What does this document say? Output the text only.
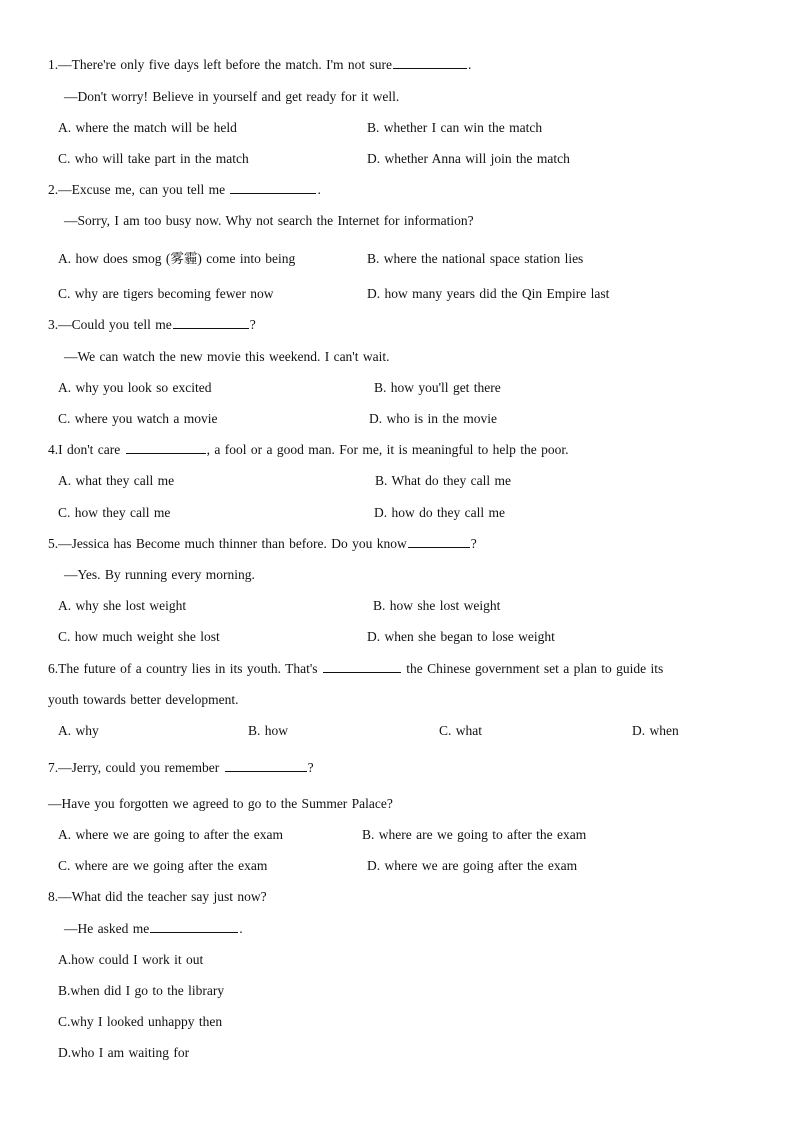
1.—There're only five days left before the match. I'm not sure	.
—Don't worry! Believe in yourself and get ready for it well.
A. where the match will be held	B. whether I can win the match
C. who will take part in the match	D. whether Anna will join the match
2.—Excuse me, can you tell me	.
—Sorry, I am too busy now. Why not search the Internet for information?
A. how does smog (雾霾) come into being	B. where the national space station lies
C. why are tigers becoming fewer now	D. how many years did the Qin Empire last
3.—Could you tell me	?
—We can watch the new movie this weekend. I can't wait.
A. why you look so excited	B. how you'll get there
C. where you watch a movie	D. who is in the movie
4.I don't care	, a fool or a good man. For me, it is meaningful to help the poor.
A. what they call me	B. What do they call me
C. how they call me	D. how do they call me
5.—Jessica has Become much thinner than before. Do you know	?
—Yes. By running every morning.
A. why she lost weight	B. how she lost weight
C. how much weight she lost	D. when she began to lose weight
6.The future of a country lies in its youth. That's	the Chinese government set a plan to guide its
youth towards better development.
A. why	B. how	C. what	D. when
7.—Jerry, could you remember	?
—Have you forgotten we agreed to go to the Summer Palace?
A. where we are going to after the exam	B. where are we going to after the exam
C. where are we going after the exam	D. where we are going after the exam
8.—What did the teacher say just now?
—He asked me	.
A.how could I work it out
B.when did I go to the library
C.why I looked unhappy then
D.who I am waiting for
